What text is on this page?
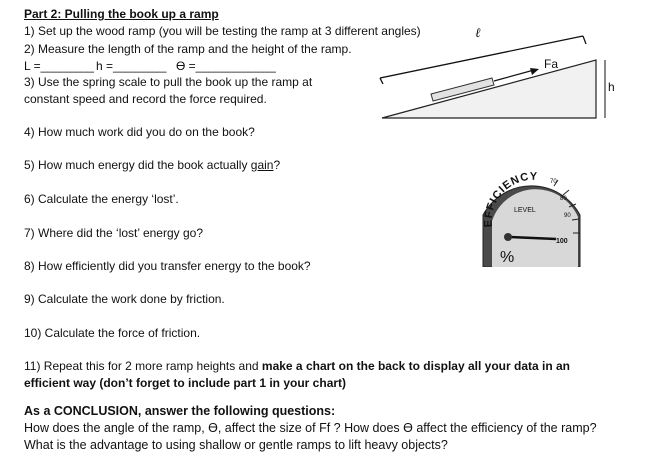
Part 2: Pulling the book up a ramp
1) Set up the wood ramp (you will be testing the ramp at 3 different angles)
2) Measure the length of the ramp and the height of the ramp.
L =________ h =________ ϴ =____________
3) Use the spring scale to pull the book up the ramp at
constant speed and record the force required.
4) How much work did you do on the book?
5) How much energy did the book actually gain?
6) Calculate the energy ‘lost’.
7) Where did the ‘lost’ energy go?
8) How efficiently did you transfer energy to the book?
9) Calculate the work done by friction.
10) Calculate the force of friction.
11) Repeat this for 2 more ramp heights and make a chart on the back to display all your data in an
efficient way (don’t forget to include part 1 in your chart)
As a CONCLUSION, answer the following questions:
How does the angle of the ramp, ϴ, affect the size of Ff ? How does ϴ affect the efficiency of the ramp?
What is the advantage to using shallow or gentle ramps to lift heavy objects?
ℓ
Fa
h
EFFICIENCY
LEVEL
70
80
90
100
%
